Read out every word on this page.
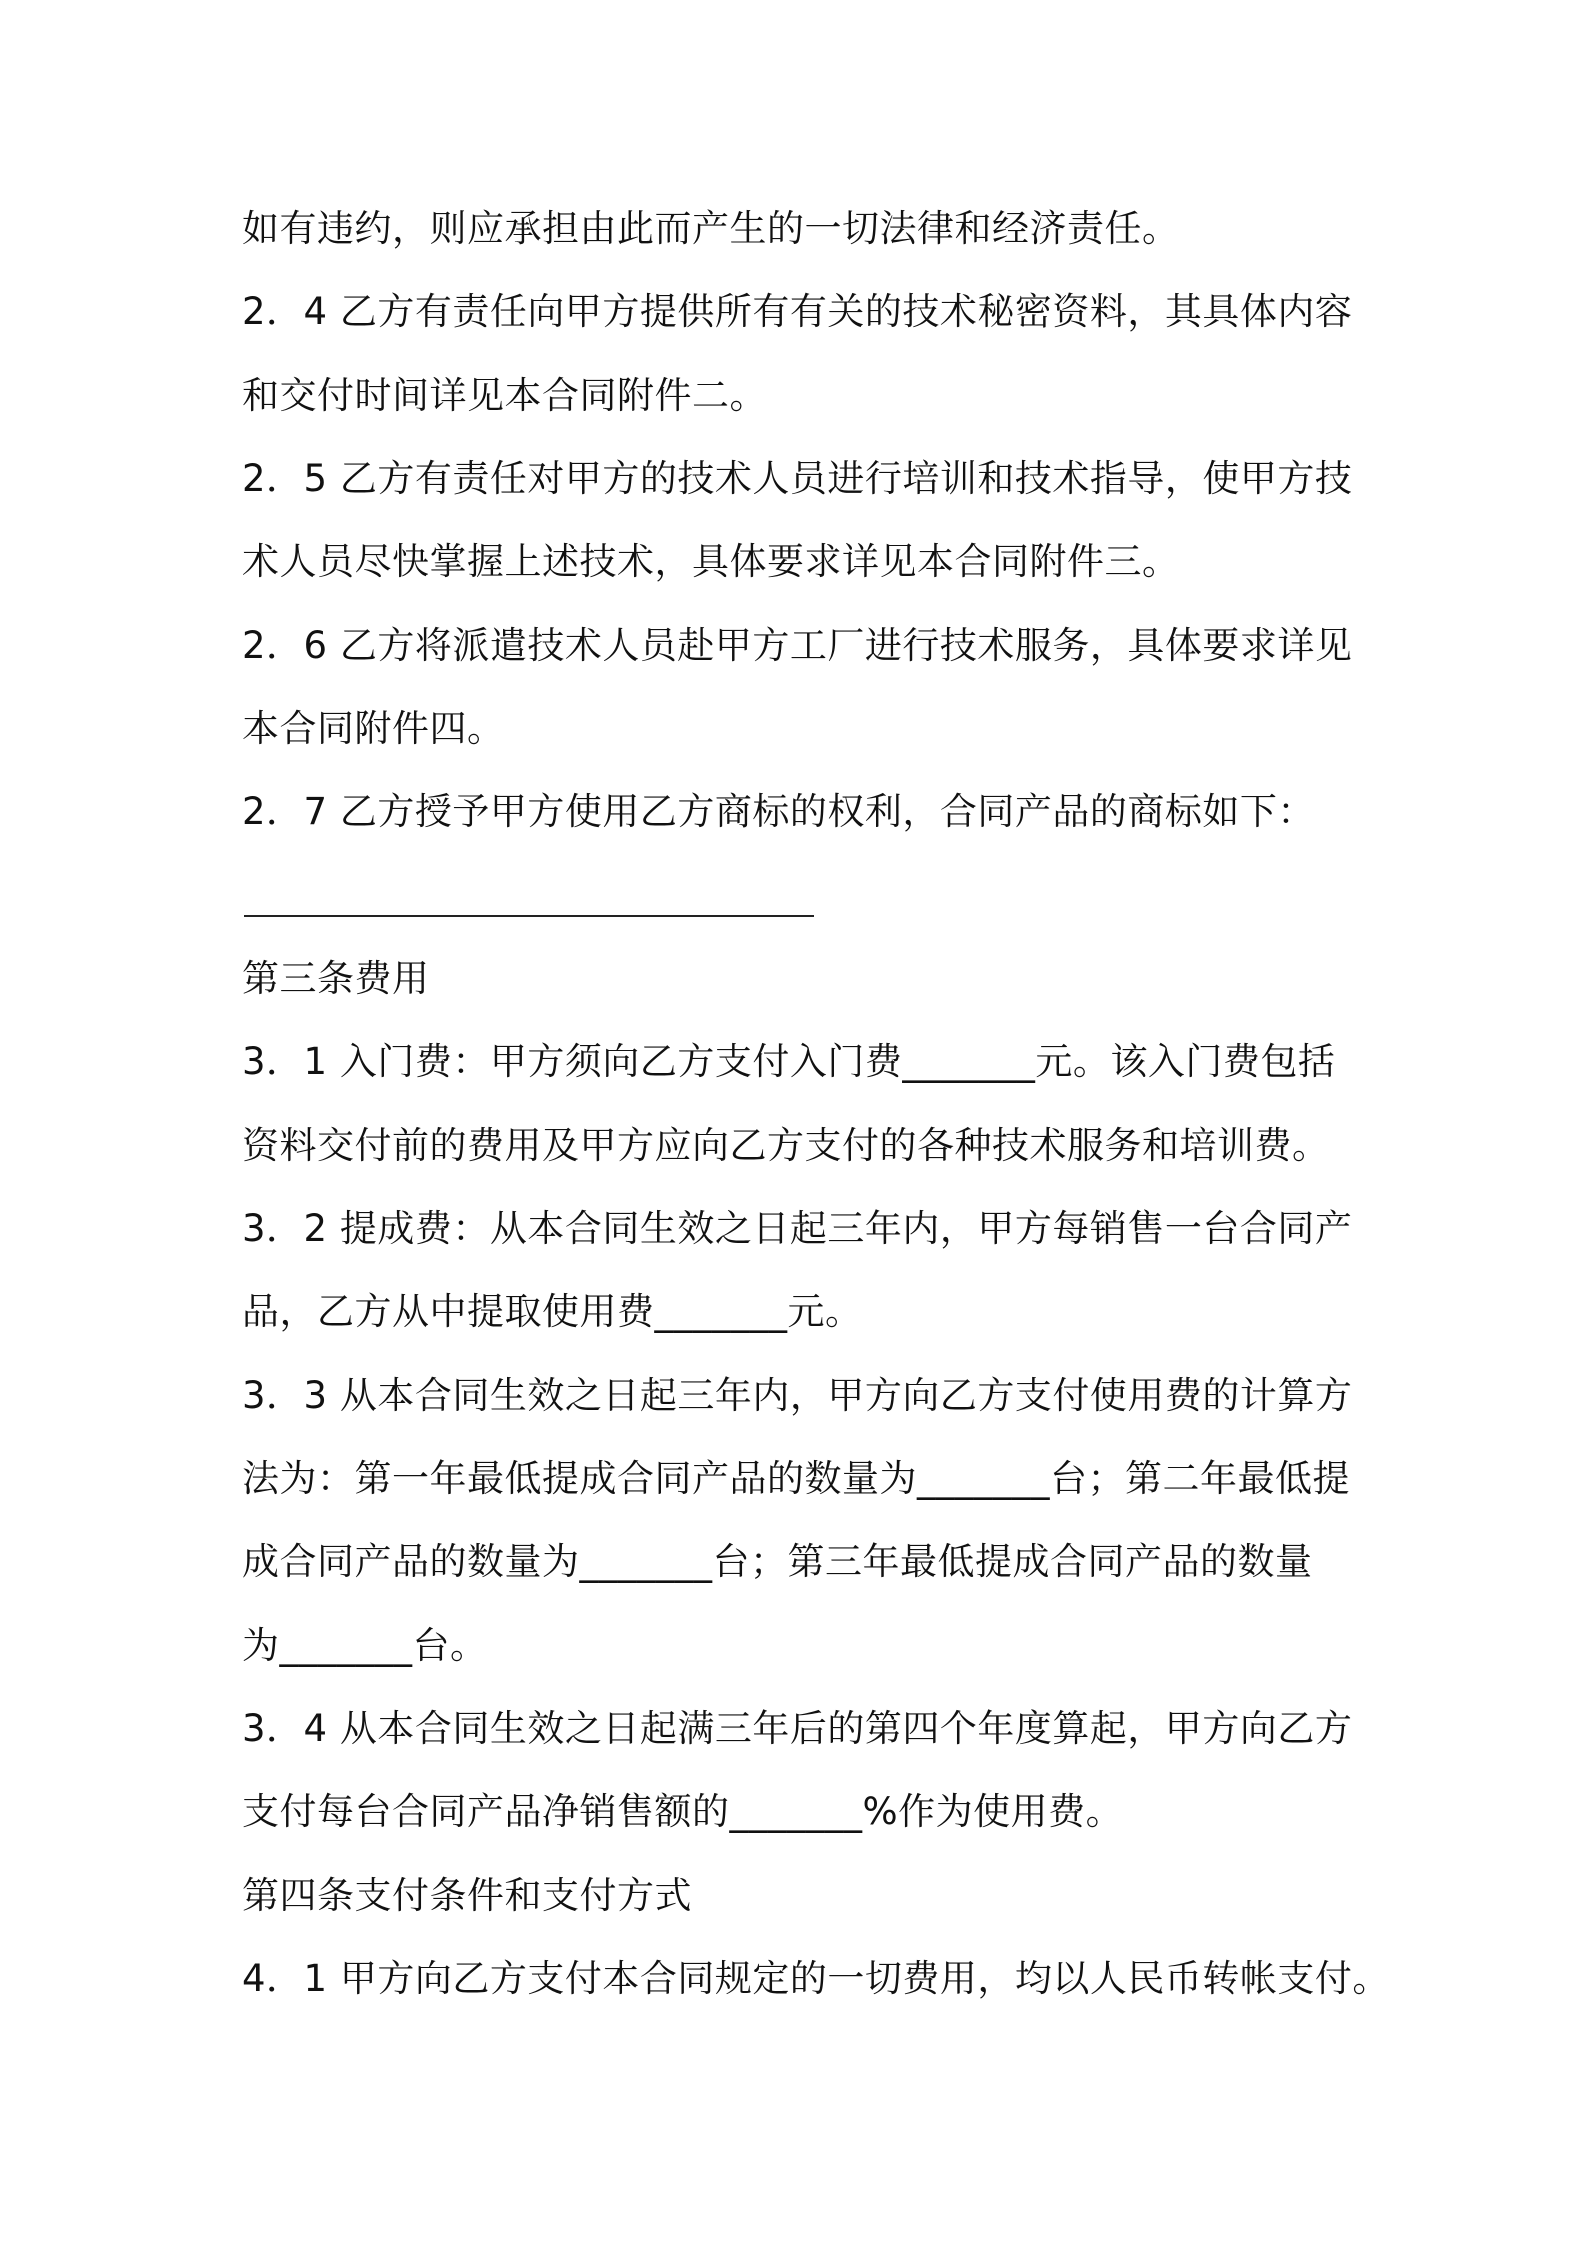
如有违约，则应承担由此而产生的一切法律和经济责任。
2．4 乙方有责任向甲方提供所有有关的技术秘密资料，其具体内容
和交付时间详见本合同附件二。
2．5 乙方有责任对甲方的技术人员进行培训和技术指导，使甲方技
术人员尽快掌握上述技术，具体要求详见本合同附件三。
2．6 乙方将派遣技术人员赴甲方工厂进行技术服务，具体要求详见
本合同附件四。
2．7 乙方授予甲方使用乙方商标的权利，合同产品的商标如下：
第三条费用
3．1 入门费：甲方须向乙方支付入门费_______元。该入门费包括
资料交付前的费用及甲方应向乙方支付的各种技术服务和培训费。
3．2 提成费：从本合同生效之日起三年内，甲方每销售一台合同产
品，乙方从中提取使用费_______元。
3．3 从本合同生效之日起三年内，甲方向乙方支付使用费的计算方
法为：第一年最低提成合同产品的数量为_______台；第二年最低提
成合同产品的数量为_______台；第三年最低提成合同产品的数量
为_______台。
3．4 从本合同生效之日起满三年后的第四个年度算起，甲方向乙方
支付每台合同产品净销售额的_______%作为使用费。
第四条支付条件和支付方式
4．1 甲方向乙方支付本合同规定的一切费用，均以人民币转帐支付。
